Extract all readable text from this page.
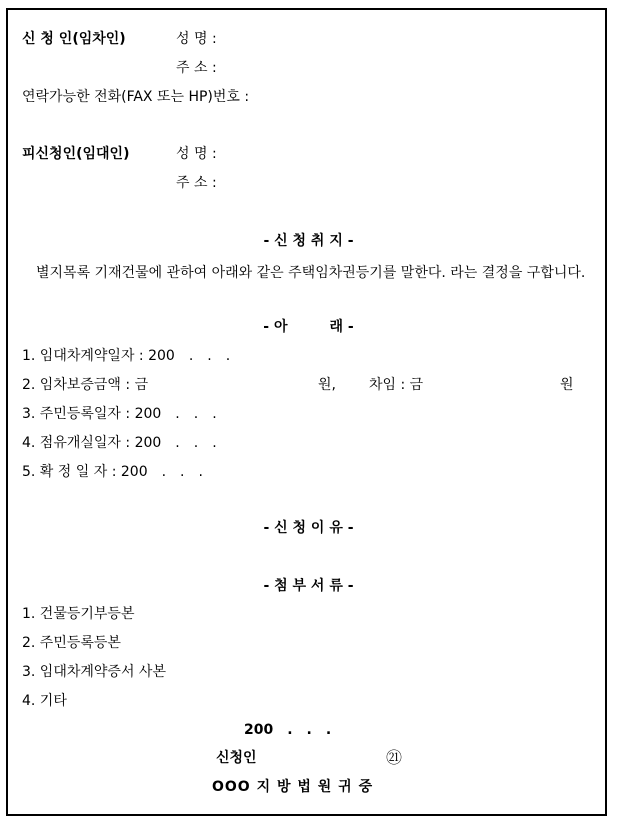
신 청 인(임차인)	성 명 :
주 소 :
연락가능한 전화(FAX 또는 HP)번호 :
피신청인(임대인)	성 명 :
주 소 :
- 신 청 취 지 -
별지목록 기재건물에 관하여 아래와 같은 주택임차권등기를 말한다. 라는 결정을 구합니다.
- 아　　　래 -
1. 임대차계약일자 : 200　.　.　.
2. 임차보증금액 : 금	원, 차임 : 금	원
3. 주민등록일자 : 200　.　.　.
4. 점유개실일자 : 200　.　.　.
5. 확 정 일 자 : 200　.　.　.
- 신 청 이 유 -
- 첨 부 서 류 -
1. 건물등기부등본
2. 주민등록등본
3. 임대차계약증서 사본
4. 기타
200　.　.　.
신청인	㉑
OOO 지 방 법 원 귀 중
